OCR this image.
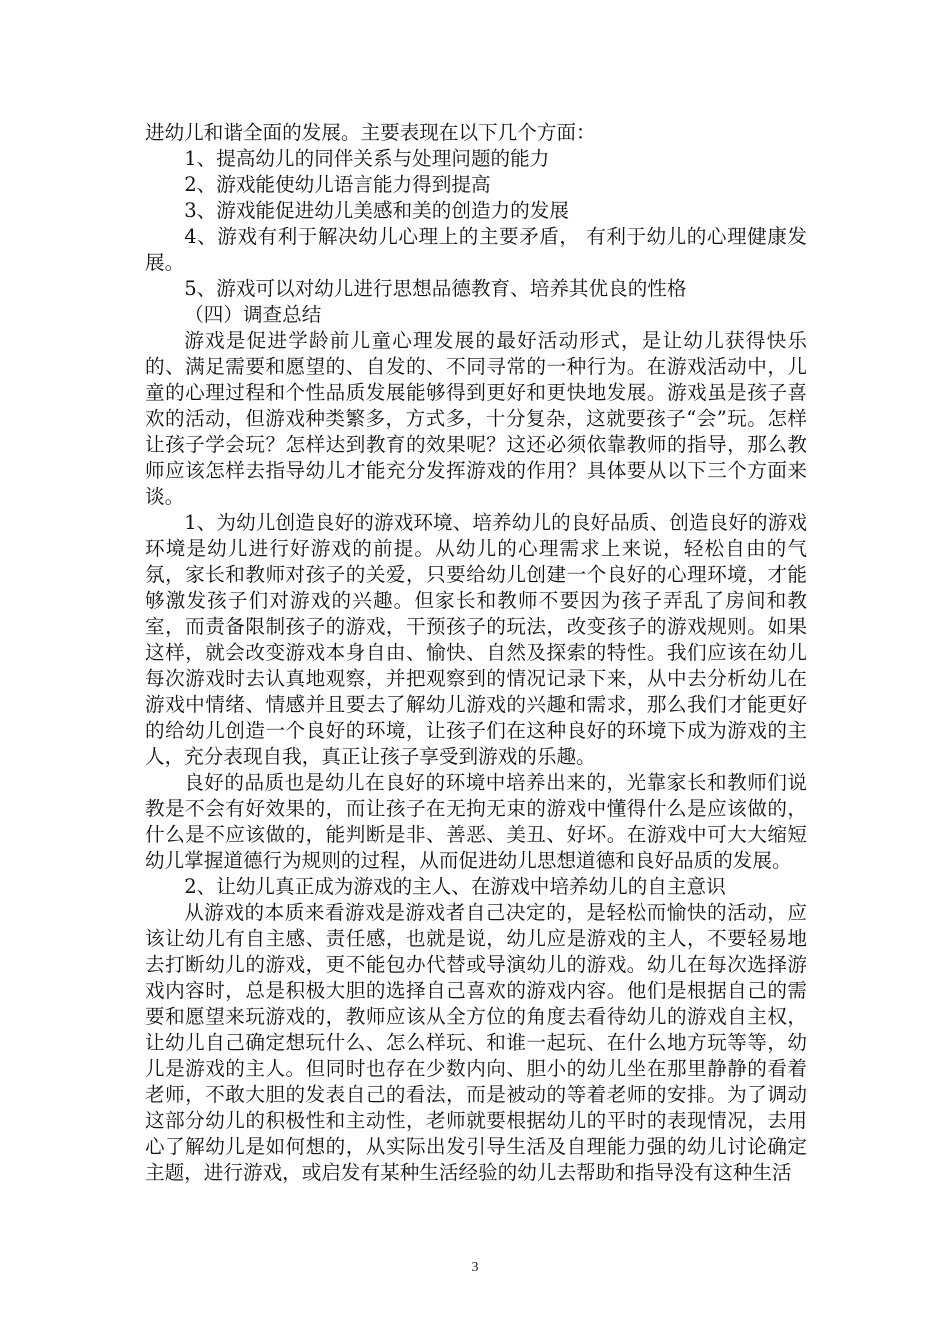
进幼儿和谐全面的发展。主要表现在以下几个方面：

1、提高幼儿的同伴关系与处理问题的能力

2、游戏能使幼儿语言能力得到提高

3、游戏能促进幼儿美感和美的创造力的发展

4、游戏有利于解决幼儿心理上的主要矛盾， 有利于幼儿的心理健康发展。

5、游戏可以对幼儿进行思想品德教育、培养其优良的性格

（四）调查总结

游戏是促进学龄前儿童心理发展的最好活动形式，是让幼儿获得快乐的、满足需要和愿望的、自发的、不同寻常的一种行为。在游戏活动中，儿童的心理过程和个性品质发展能够得到更好和更快地发展。游戏虽是孩子喜欢的活动，但游戏种类繁多，方式多，十分复杂，这就要孩子“会”玩。怎样让孩子学会玩？怎样达到教育的效果呢？这还必须依靠教师的指导，那么教师应该怎样去指导幼儿才能充分发挥游戏的作用？具体要从以下三个方面来谈。

1、为幼儿创造良好的游戏环境、培养幼儿的良好品质、创造良好的游戏环境是幼儿进行好游戏的前提。从幼儿的心理需求上来说，轻松自由的气氛，家长和教师对孩子的关爱，只要给幼儿创建一个良好的心理环境，才能够激发孩子们对游戏的兴趣。但家长和教师不要因为孩子弄乱了房间和教室，而责备限制孩子的游戏，干预孩子的玩法，改变孩子的游戏规则。如果这样，就会改变游戏本身自由、愉快、自然及探索的特性。我们应该在幼儿每次游戏时去认真地观察，并把观察到的情况记录下来，从中去分析幼儿在游戏中情绪、情感并且要去了解幼儿游戏的兴趣和需求，那么我们才能更好的给幼儿创造一个良好的环境，让孩子们在这种良好的环境下成为游戏的主人，充分表现自我，真正让孩子享受到游戏的乐趣。

良好的品质也是幼儿在良好的环境中培养出来的，光靠家长和教师们说教是不会有好效果的，而让孩子在无拘无束的游戏中懂得什么是应该做的，什么是不应该做的，能判断是非、善恶、美丑、好坏。在游戏中可大大缩短幼儿掌握道德行为规则的过程，从而促进幼儿思想道德和良好品质的发展。

2、让幼儿真正成为游戏的主人、在游戏中培养幼儿的自主意识

从游戏的本质来看游戏是游戏者自己决定的，是轻松而愉快的活动，应该让幼儿有自主感、责任感，也就是说，幼儿应是游戏的主人，不要轻易地去打断幼儿的游戏，更不能包办代替或导演幼儿的游戏。幼儿在每次选择游戏内容时，总是积极大胆的选择自己喜欢的游戏内容。他们是根据自己的需要和愿望来玩游戏的，教师应该从全方位的角度去看待幼儿的游戏自主权，让幼儿自己确定想玩什么、怎么样玩、和谁一起玩、在什么地方玩等等，幼儿是游戏的主人。但同时也存在少数内向、胆小的幼儿坐在那里静静的看着老师，不敢大胆的发表自己的看法，而是被动的等着老师的安排。为了调动这部分幼儿的积极性和主动性，老师就要根据幼儿的平时的表现情况，去用心了解幼儿是如何想的，从实际出发引导生活及自理能力强的幼儿讨论确定主题，进行游戏，或启发有某种生活经验的幼儿去帮助和指导没有这种生活

3
